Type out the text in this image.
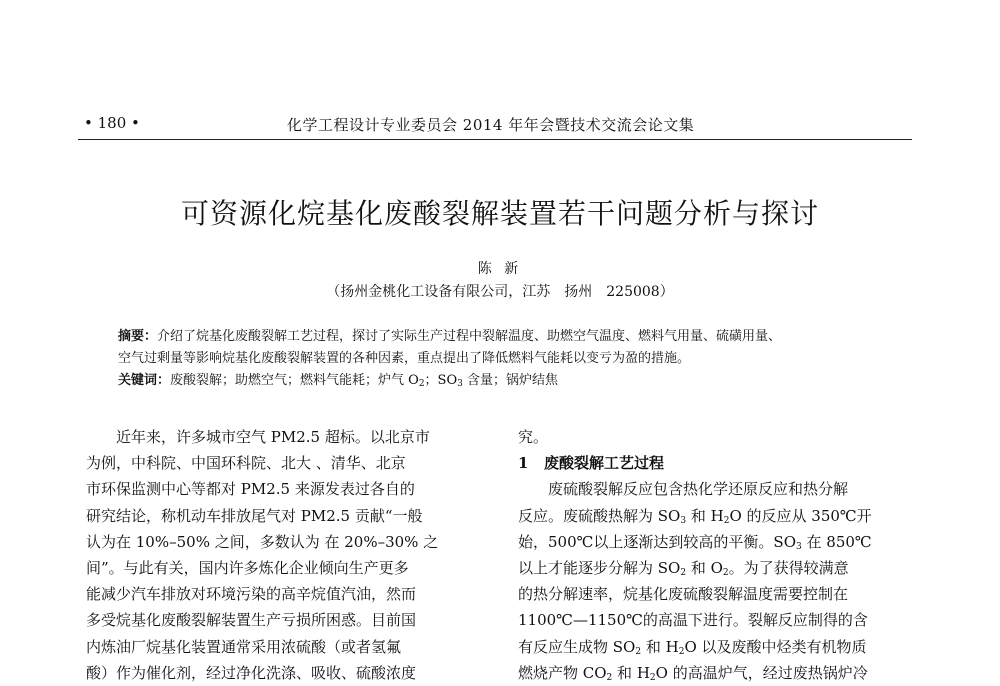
• 180 •	化学工程设计专业委员会 2014 年年会暨技术交流会论文集
可资源化烷基化废酸裂解装置若干问题分析与探讨
陈 新
（扬州金桃化工设备有限公司，江苏　扬州　225008）
摘要：介绍了烷基化废酸裂解工艺过程，探讨了实际生产过程中裂解温度、助燃空气温度、燃料气用量、硫磺用量、
空气过剩量等影响烷基化废酸裂解装置的各种因素，重点提出了降低燃料气能耗以变亏为盈的措施。
关键词：废酸裂解；助燃空气；燃料气能耗；炉气 $O_2$；$SO_3$ 含量；锅炉结焦
近年来，许多城市空气 PM2.5 超标。以北京市
为例，中科院、中国环科院、北大 、清华、北京
市环保监测中心等都对 PM2.5 来源发表过各自的
研究结论，称机动车排放尾气对 PM2.5 贡献“一般
认为在 10%–50% 之间，多数认为 在 20%–30% 之
间”。与此有关，国内许多炼化企业倾向生产更多
能减少汽车排放对环境污染的高辛烷值汽油，然而
多受烷基化废酸裂解装置生产亏损所困惑。目前国
内炼油厂烷基化装置通常采用浓硫酸（或者氢氟
酸）作为催化剂，经过净化洗涤、吸收、硫酸浓度
究。
1 废酸裂解工艺过程
废硫酸裂解反应包含热化学还原反应和热分解
反应。废硫酸热解为 $SO_3$ 和 $H_2O$ 的反应从 350℃开
始，500℃以上逐渐达到较高的平衡。$SO_3$ 在 850℃
以上才能逐步分解为 $SO_2$ 和 $O_2$。为了获得较满意
的热分解速率，烷基化废硫酸裂解温度需要控制在
1100℃—1150℃的高温下进行。裂解反应制得的含
有反应生成物 $SO_2$ 和 $H_2O$ 以及废酸中烃类有机物质
燃烧产物 $CO_2$ 和 $H_2O$ 的高温炉气，经过废热锅炉冷
